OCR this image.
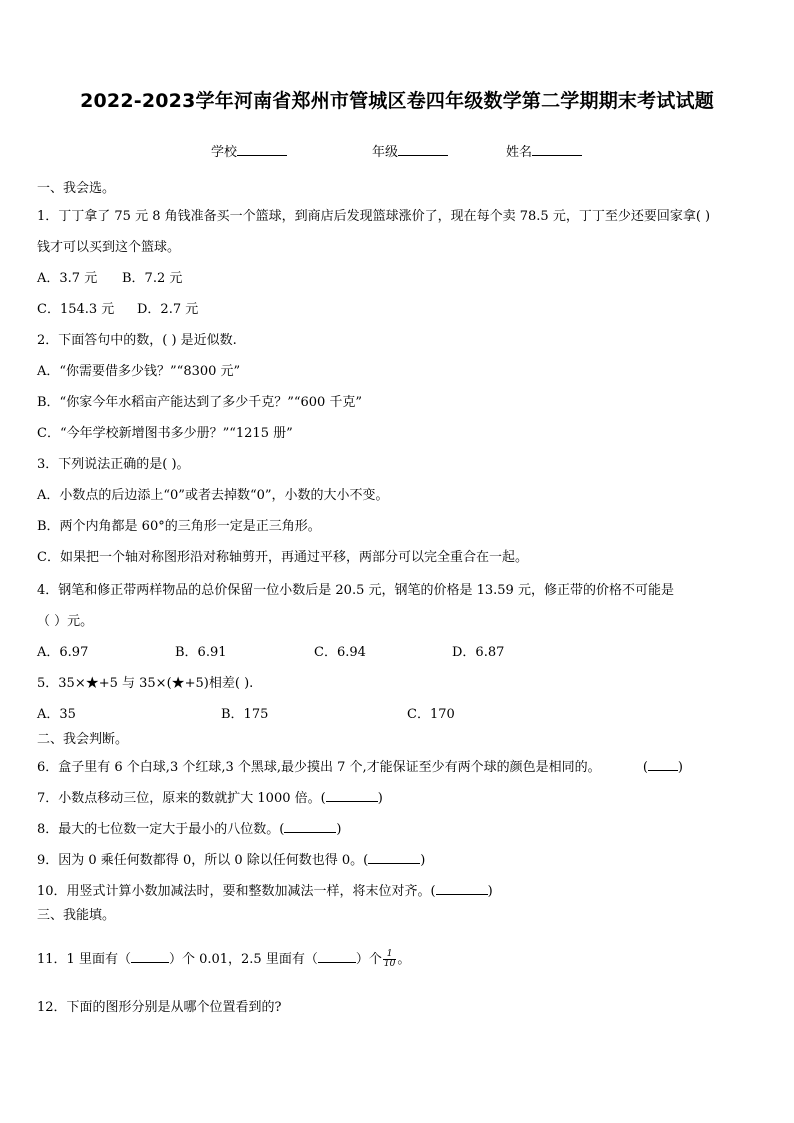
2022-2023学年河南省郑州市管城区卷四年级数学第二学期期末考试试题
学校	年级	姓名
一、我会选。
1．丁丁拿了 75 元 8 角钱准备买一个篮球，到商店后发现篮球涨价了，现在每个卖 78.5 元，丁丁至少还要回家拿( )
钱才可以买到这个篮球。
A．3.7 元 B．7.2 元
C．154.3 元 D．2.7 元
2．下面答句中的数，( ) 是近似数.
A．“你需要借多少钱？”“8300 元”
B．“你家今年水稻亩产能达到了多少千克？”“600 千克”
C．“今年学校新增图书多少册？”“1215 册”
3．下列说法正确的是( )。
A．小数点的后边添上“0”或者去掉数“0”，小数的大小不变。
B．两个内角都是 60°的三角形一定是正三角形。
C．如果把一个轴对称图形沿对称轴剪开，再通过平移，两部分可以完全重合在一起。
4．钢笔和修正带两样物品的总价保留一位小数后是 20.5 元，钢笔的价格是 13.59 元，修正带的价格不可能是
（ ）元。
A．6.97	B．6.91	C．6.94	D．6.87
5．35×★+5 与 35×(★+5)相差( ).
A．35	B．175	C．170
二、我会判断。
6．盒子里有 6 个白球,3 个红球,3 个黑球,最少摸出 7 个,才能保证至少有两个球的颜色是相同的。	( )
7．小数点移动三位，原来的数就扩大 1000 倍。(	)
8．最大的七位数一定大于最小的八位数。(	)
9．因为 0 乘任何数都得 0，所以 0 除以任何数也得 0。(	)
10．用竖式计算小数加减法时，要和整数加减法一样，将末位对齐。(	)
三、我能填。
11．1 里面有（	）个 0.01，2.5 里面有（	）个 $\frac{1}{10}$ 。
12．下面的图形分别是从哪个位置看到的?
